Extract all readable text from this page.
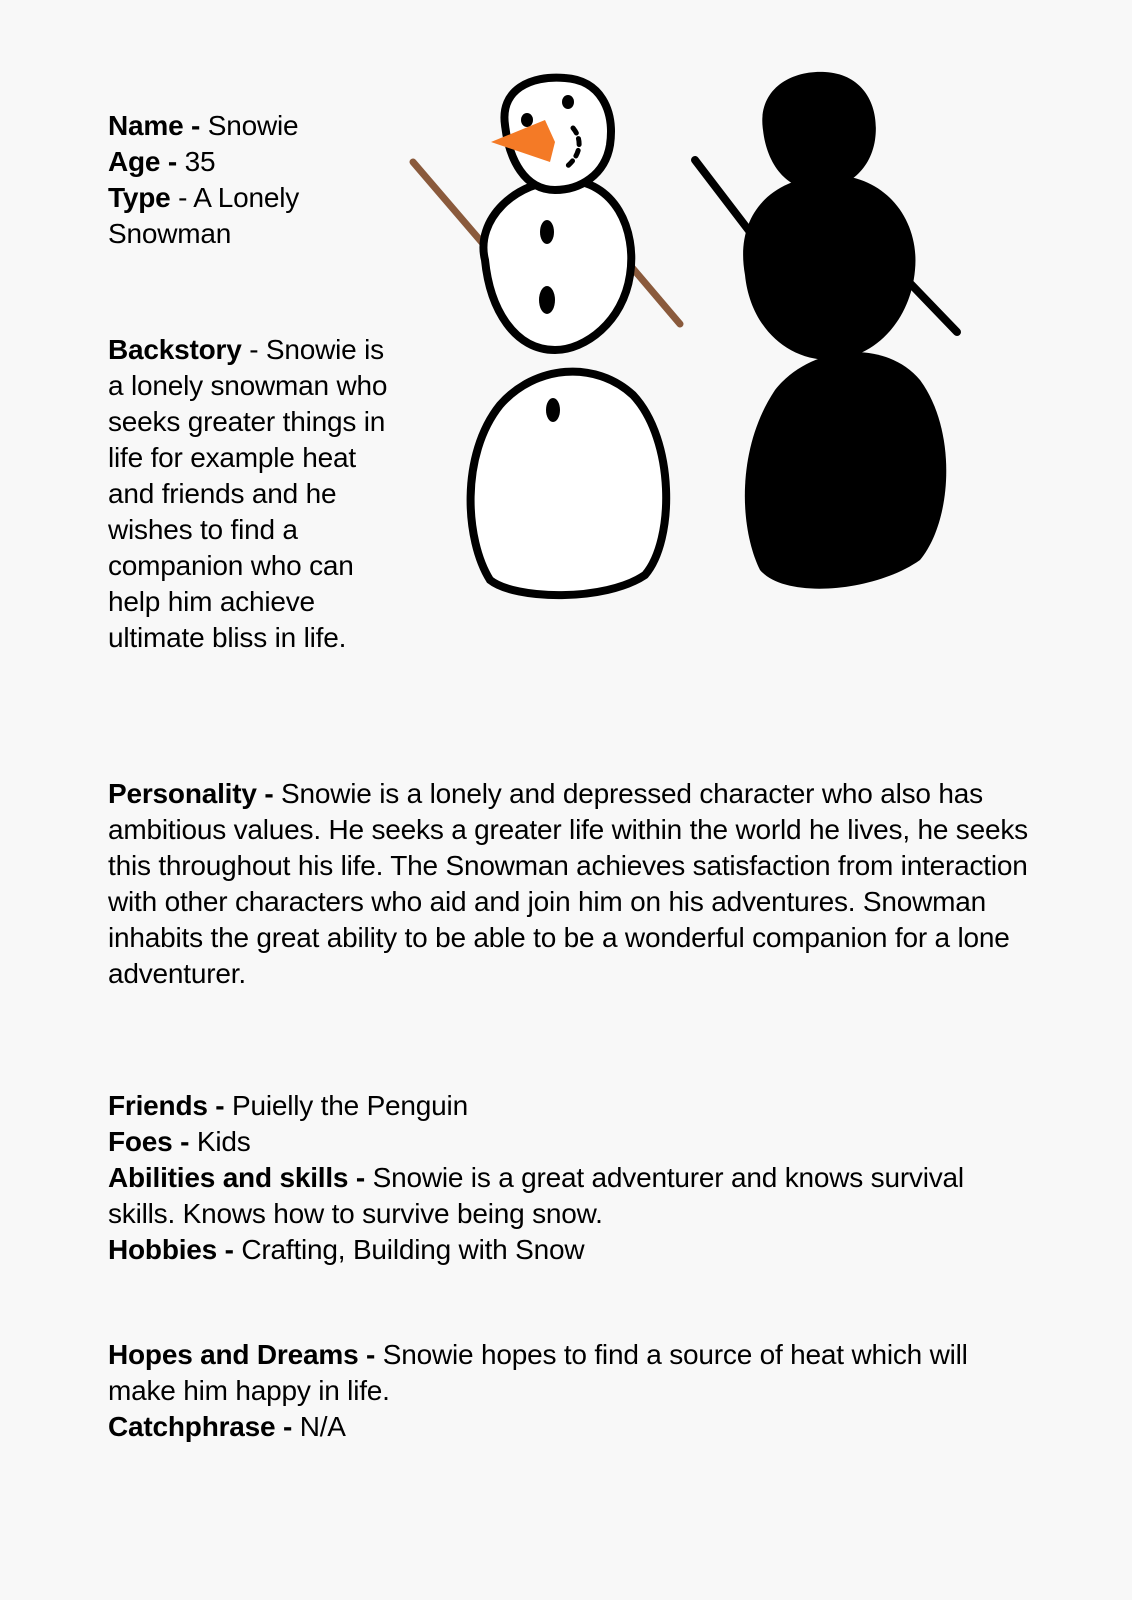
Name - Snowie
Age - 35
Type - A Lonely Snowman
Backstory - Snowie is a lonely snowman who seeks greater things in life for example heat and friends and he wishes to find a companion who can help him achieve ultimate bliss in life.
Personality - Snowie is a lonely and depressed character who also has ambitious values. He seeks a greater life within the world he lives, he seeks this throughout his life. The Snowman achieves satisfaction from interaction with other characters who aid and join him on his adventures. Snowman inhabits the great ability to be able to be a wonderful companion for a lone adventurer.
Friends - Puielly the Penguin
Foes - Kids
Abilities and skills - Snowie is a great adventurer and knows survival skills. Knows how to survive being snow.
Hobbies - Crafting, Building with Snow
Hopes and Dreams - Snowie hopes to find a source of heat which will make him happy in life.
Catchphrase - N/A
